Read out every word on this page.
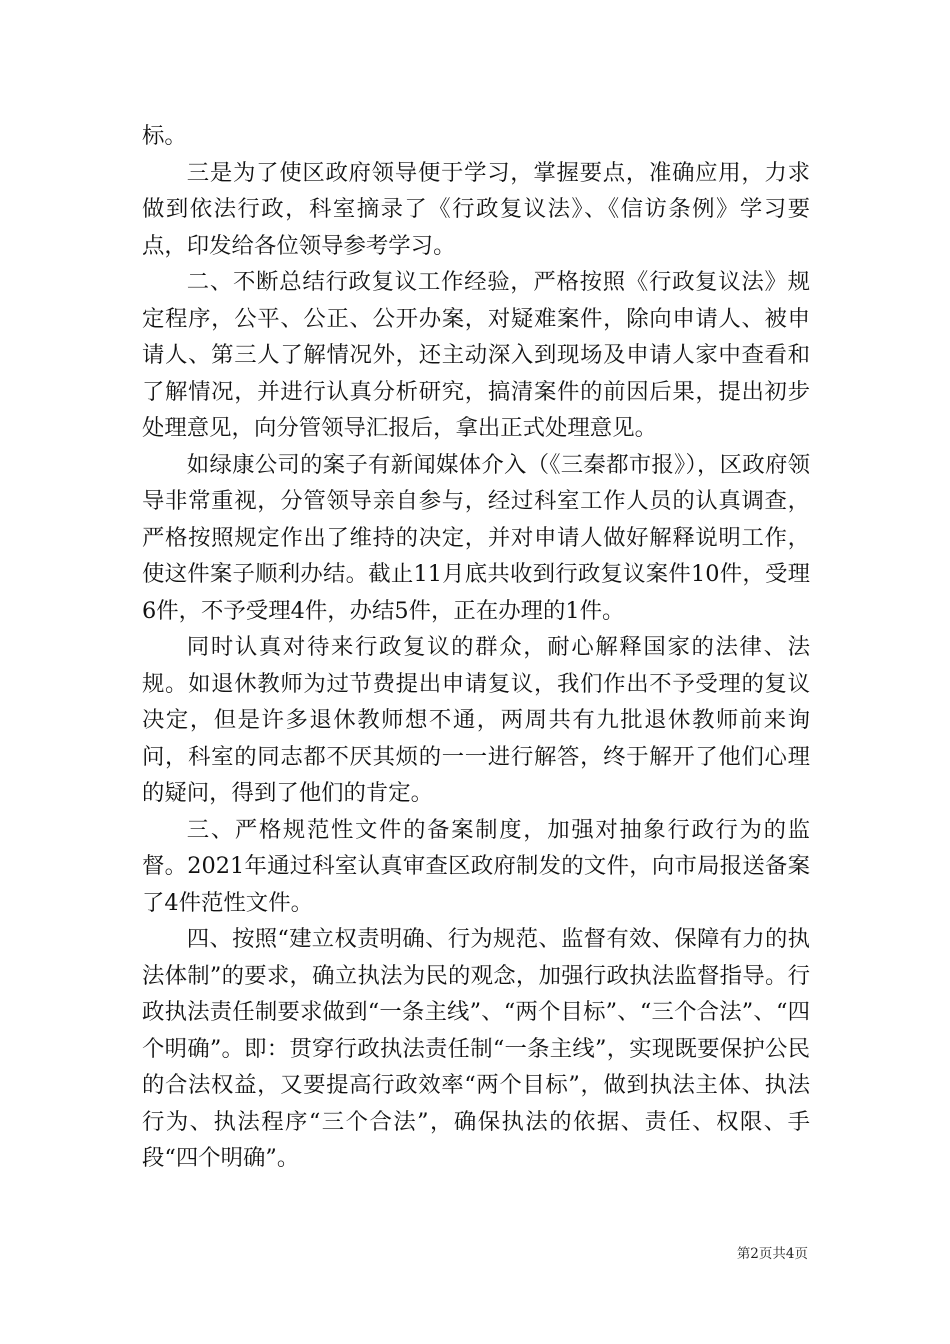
标。

三是为了使区政府领导便于学习，掌握要点，准确应用，力求做到依法行政，科室摘录了《行政复议法》、《信访条例》学习要点，印发给各位领导参考学习。

二、不断总结行政复议工作经验，严格按照《行政复议法》规定程序，公平、公正、公开办案，对疑难案件，除向申请人、被申请人、第三人了解情况外，还主动深入到现场及申请人家中查看和了解情况，并进行认真分析研究，搞清案件的前因后果，提出初步处理意见，向分管领导汇报后，拿出正式处理意见。

如绿康公司的案子有新闻媒体介入（《三秦都市报》），区政府领导非常重视，分管领导亲自参与，经过科室工作人员的认真调查，严格按照规定作出了维持的决定，并对申请人做好解释说明工作，使这件案子顺利办结。截止11月底共收到行政复议案件10件，受理6件，不予受理4件，办结5件，正在办理的1件。

同时认真对待来行政复议的群众，耐心解释国家的法律、法规。如退休教师为过节费提出申请复议，我们作出不予受理的复议决定，但是许多退休教师想不通，两周共有九批退休教师前来询问，科室的同志都不厌其烦的一一进行解答，终于解开了他们心理的疑问，得到了他们的肯定。

三、严格规范性文件的备案制度，加强对抽象行政行为的监督。2021年通过科室认真审查区政府制发的文件，向市局报送备案了4件范性文件。

四、按照“建立权责明确、行为规范、监督有效、保障有力的执法体制”的要求，确立执法为民的观念，加强行政执法监督指导。行政执法责任制要求做到“一条主线”、“两个目标”、“三个合法”、“四个明确”。即：贯穿行政执法责任制“一条主线”，实现既要保护公民的合法权益，又要提高行政效率“两个目标”，做到执法主体、执法行为、执法程序“三个合法”，确保执法的依据、责任、权限、手段“四个明确”。

第2页共4页
